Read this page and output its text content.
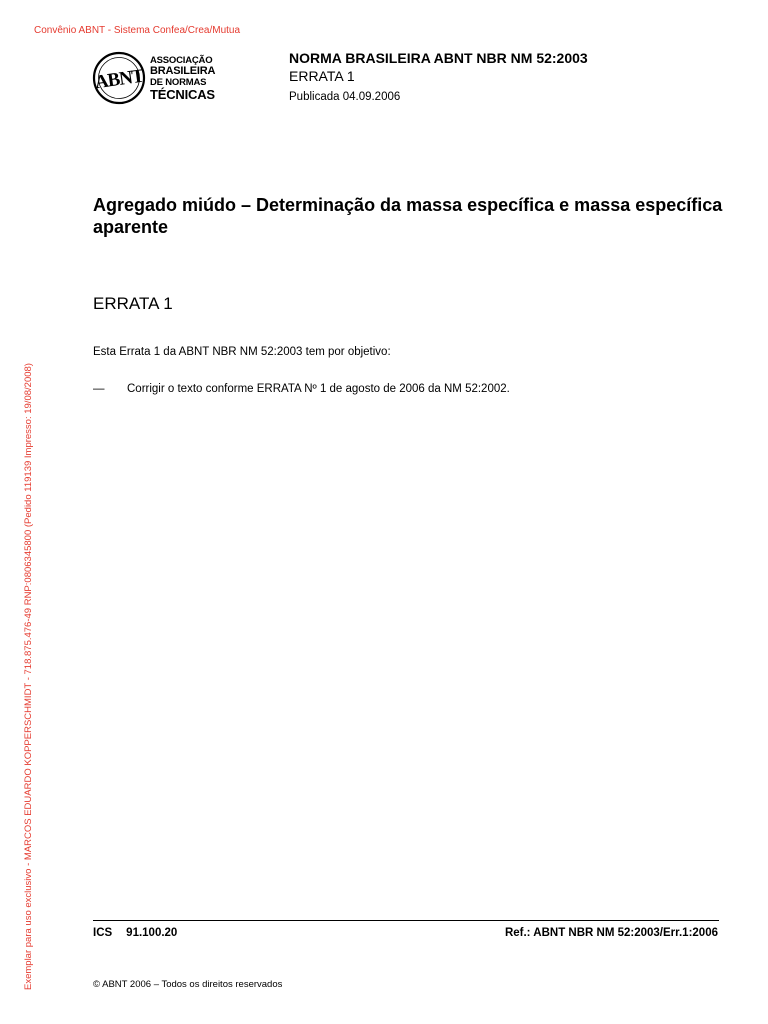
Convênio ABNT - Sistema Confea/Crea/Mutua
Exemplar para uso exclusivo - MARCOS EDUARDO KOPPERSCHMIDT - 718.875.476-49 RNP:0806345800 (Pedido 119139 Impresso: 19/08/2008)
ABNT
ASSOCIAÇÃO
BRASILEIRA
DE NORMAS
TÉCNICAS
NORMA BRASILEIRA ABNT NBR NM 52:2003
ERRATA 1
Publicada 04.09.2006
Agregado miúdo – Determinação da massa específica e massa específica aparente
ERRATA 1
Esta Errata 1 da ABNT NBR NM 52:2003 tem por objetivo:
— Corrigir o texto conforme ERRATA Nº 1 de agosto de 2006 da NM 52:2002.
ICS 91.100.20	Ref.: ABNT NBR NM 52:2003/Err.1:2006
© ABNT 2006 – Todos os direitos reservados
